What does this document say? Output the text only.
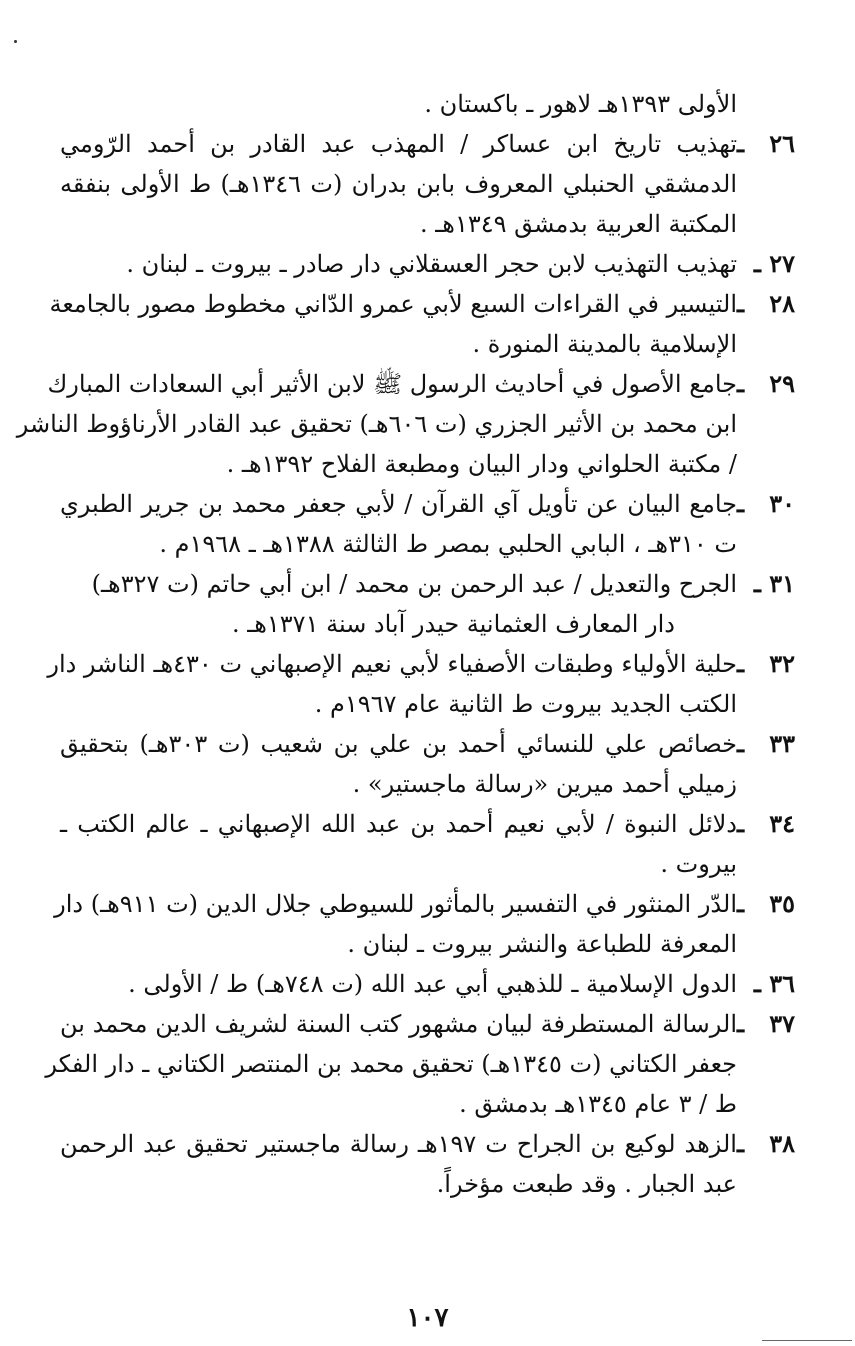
الأولى ١٣٩٣هـ لاهور ـ باكستان .
٢٦ ـتهذيب تاريخ ابن عساكر / المهذب عبد القادر بن أحمد الرّومي
الدمشقي الحنبلي المعروف بابن بدران (ت ١٣٤٦هـ) ط الأولى بنفقه
المكتبة العربية بدمشق ١٣٤٩هـ .
٢٧ ـتهذيب التهذيب لابن حجر العسقلاني دار صادر ـ بيروت ـ لبنان .
٢٨ ـالتيسير في القراءات السبع لأبي عمرو الدّاني مخطوط مصور بالجامعة
الإسلامية بالمدينة المنورة .
٢٩ ـجامع الأصول في أحاديث الرسول ﷺ لابن الأثير أبي السعادات المبارك
ابن محمد بن الأثير الجزري (ت ٦٠٦هـ) تحقيق عبد القادر الأرناؤوط الناشر
/ مكتبة الحلواني ودار البيان ومطبعة الفلاح ١٣٩٢هـ .
٣٠ ـجامع البيان عن تأويل آي القرآن / لأبي جعفر محمد بن جرير الطبري
ت ٣١٠هـ ، البابي الحلبي بمصر ط الثالثة ١٣٨٨هـ ـ ١٩٦٨م .
٣١ ـالجرح والتعديل / عبد الرحمن بن محمد / ابن أبي حاتم (ت ٣٢٧هـ)
دار المعارف العثمانية حيدر آباد سنة ١٣٧١هـ .
٣٢ ـحلية الأولياء وطبقات الأصفياء لأبي نعيم الإصبهاني ت ٤٣٠هـ الناشر دار
الكتب الجديد بيروت ط الثانية عام ١٩٦٧م .
٣٣ ـخصائص علي للنسائي أحمد بن علي بن شعيب (ت ٣٠٣هـ) بتحقيق
زميلي أحمد ميرين «رسالة ماجستير» .
٣٤ ـدلائل النبوة / لأبي نعيم أحمد بن عبد الله الإصبهاني ـ عالم الكتب ـ
بيروت .
٣٥ ـالدّر المنثور في التفسير بالمأثور للسيوطي جلال الدين (ت ٩١١هـ) دار
المعرفة للطباعة والنشر بيروت ـ لبنان .
٣٦ ـالدول الإسلامية ـ للذهبي أبي عبد الله (ت ٧٤٨هـ) ط / الأولى .
٣٧ ـالرسالة المستطرفة لبيان مشهور كتب السنة لشريف الدين محمد بن
جعفر الكتاني (ت ١٣٤٥هـ) تحقيق محمد بن المنتصر الكتاني ـ دار الفكر
ط / ٣ عام ١٣٤٥هـ بدمشق .
٣٨ ـالزهد لوكيع بن الجراح ت ١٩٧هـ رسالة ماجستير تحقيق عبد الرحمن
عبد الجبار . وقد طبعت مؤخراً.
١٠٧
